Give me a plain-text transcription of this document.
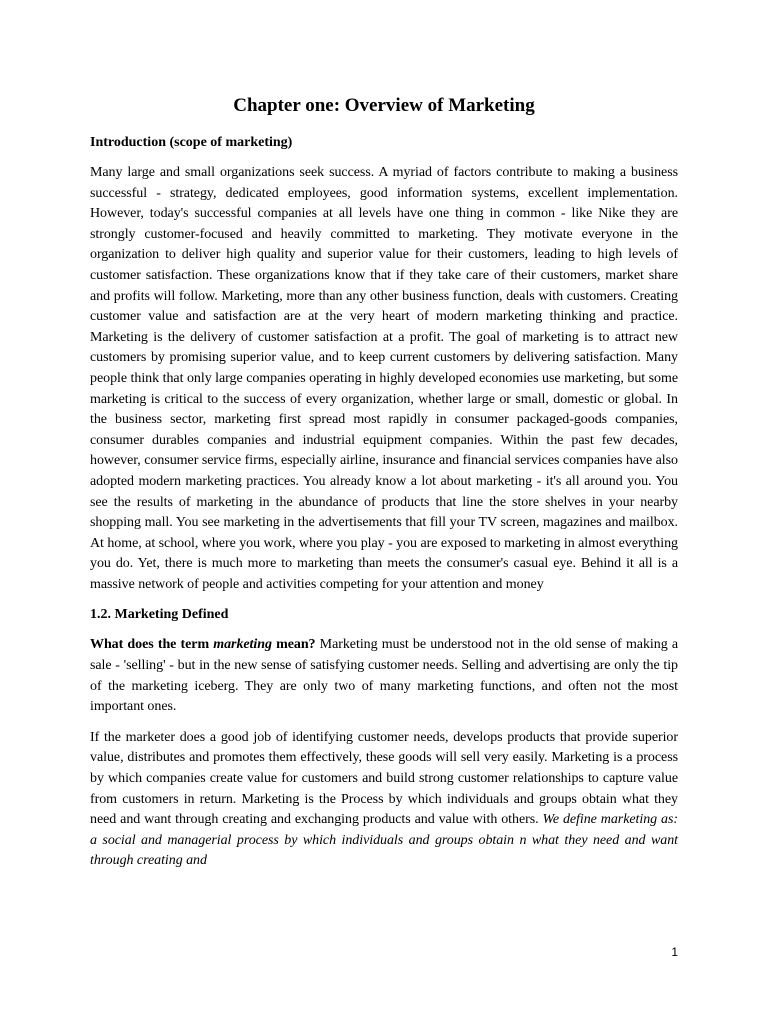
Chapter one: Overview of Marketing
Introduction (scope of marketing)

Many large and small organizations seek success. A myriad of factors contribute to making a business successful - strategy, dedicated employees, good information systems, excellent implementation. However, today's successful companies at all levels have one thing in common - like Nike they are strongly customer-focused and heavily committed to marketing. They motivate everyone in the organization to deliver high quality and superior value for their customers, leading to high levels of customer satisfaction. These organizations know that if they take care of their customers, market share and profits will follow. Marketing, more than any other business function, deals with customers. Creating customer value and satisfaction are at the very heart of modern marketing thinking and practice. Marketing is the delivery of customer satisfaction at a profit. The goal of marketing is to attract new customers by promising superior value, and to keep current customers by delivering satisfaction. Many people think that only large companies operating in highly developed economies use marketing, but some marketing is critical to the success of every organization, whether large or small, domestic or global. In the business sector, marketing first spread most rapidly in consumer packaged-goods companies, consumer durables companies and industrial equipment companies. Within the past few decades, however, consumer service firms, especially airline, insurance and financial services companies have also adopted modern marketing practices. You already know a lot about marketing - it's all around you. You see the results of marketing in the abundance of products that line the store shelves in your nearby shopping mall. You see marketing in the advertisements that fill your TV screen, magazines and mailbox. At home, at school, where you work, where you play - you are exposed to marketing in almost everything you do. Yet, there is much more to marketing than meets the consumer's casual eye. Behind it all is a massive network of people and activities competing for your attention and money

1.2. Marketing Defined

What does the term marketing mean? Marketing must be understood not in the old sense of making a sale - 'selling' - but in the new sense of satisfying customer needs. Selling and advertising are only the tip of the marketing iceberg. They are only two of many marketing functions, and often not the most important ones.

If the marketer does a good job of identifying customer needs, develops products that provide superior value, distributes and promotes them effectively, these goods will sell very easily. Marketing is a process by which companies create value for customers and build strong customer relationships to capture value from customers in return. Marketing is the Process by which individuals and groups obtain what they need and want through creating and exchanging products and value with others. We define marketing as: a social and managerial process by which individuals and groups obtain n what they need and want through creating and

1
